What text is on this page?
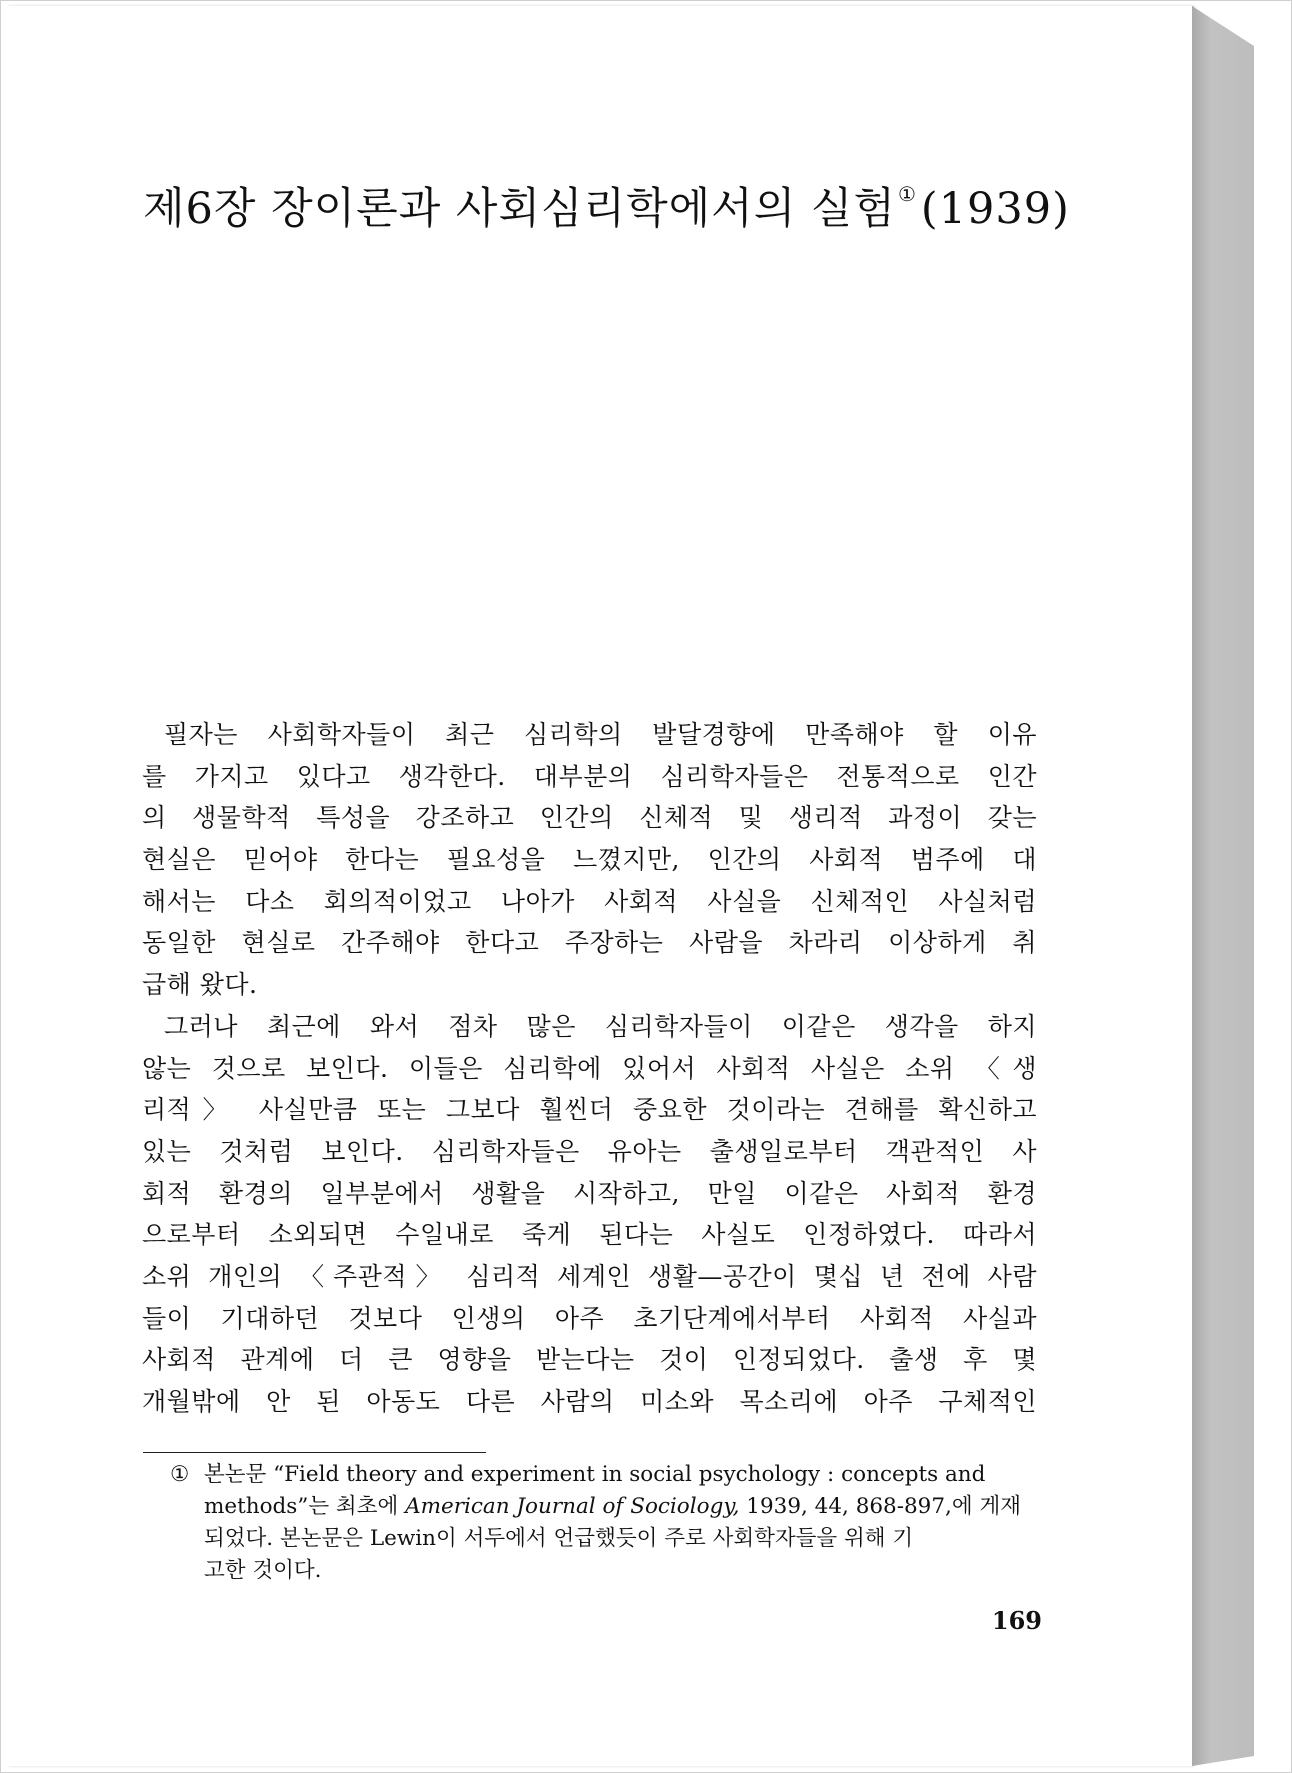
제6장 장이론과 사회심리학에서의 실험 ①(1939)
필자는 사회학자들이 최근 심리학의 발달경향에 만족해야 할 이유
를 가지고 있다고 생각한다. 대부분의 심리학자들은 전통적으로 인간
의 생물학적 특성을 강조하고 인간의 신체적 및 생리적 과정이 갖는
현실은 믿어야 한다는 필요성을 느꼈지만, 인간의 사회적 범주에 대
해서는 다소 회의적이었고 나아가 사회적 사실을 신체적인 사실처럼
동일한 현실로 간주해야 한다고 주장하는 사람을 차라리 이상하게 취
급해 왔다.
그러나 최근에 와서 점차 많은 심리학자들이 이같은 생각을 하지
않는 것으로 보인다. 이들은 심리학에 있어서 사회적 사실은 소위 〈생
리적〉 사실만큼 또는 그보다 훨씬더 중요한 것이라는 견해를 확신하고
있는 것처럼 보인다. 심리학자들은 유아는 출생일로부터 객관적인 사
회적 환경의 일부분에서 생활을 시작하고, 만일 이같은 사회적 환경
으로부터 소외되면 수일내로 죽게 된다는 사실도 인정하였다. 따라서
소위 개인의 〈주관적〉 심리적 세계인 생활—공간이 몇십 년 전에 사람
들이 기대하던 것보다 인생의 아주 초기단계에서부터 사회적 사실과
사회적 관계에 더 큰 영향을 받는다는 것이 인정되었다. 출생 후 몇
개월밖에 안 된 아동도 다른 사람의 미소와 목소리에 아주 구체적인
① 본논문 “Field theory and experiment in social psychology : concepts and
methods”는 최초에 American Journal of Sociology, 1939, 44, 868-897,에 게재
되었다. 본논문은 Lewin이 서두에서 언급했듯이 주로 사회학자들을 위해 기
고한 것이다.
169
